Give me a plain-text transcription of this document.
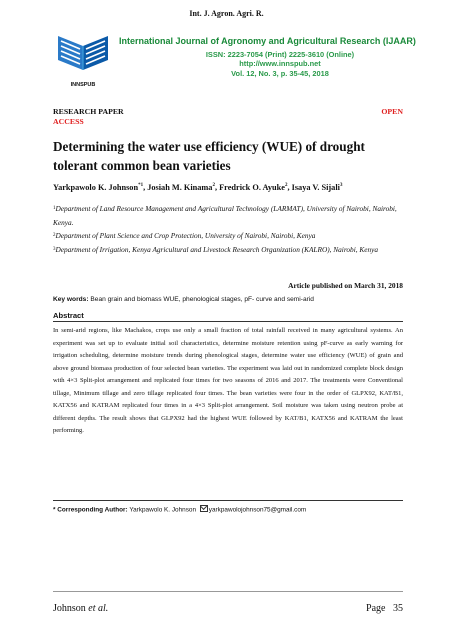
Int. J. Agron. Agri. R.
INNSPUB
International Journal of Agronomy and Agricultural Research (IJAAR)
ISSN: 2223-7054 (Print) 2225-3610 (Online)
http://www.innspub.net
Vol. 12, No. 3, p. 35-45, 2018
RESEARCH PAPER	OPEN
ACCESS
Determining the water use efficiency (WUE) of drought tolerant common bean varieties
Yarkpawolo K. Johnson$^{*1}$, Josiah M. Kinama$^2$, Fredrick O. Ayuke$^2$, Isaya V. Sijali$^3$
$^1$Department of Land Resource Management and Agricultural Technology (LARMAT), University of Nairobi, Nairobi, Kenya.
$^2$Department of Plant Science and Crop Protection, University of Nairobi, Nairobi, Kenya
$^3$Department of Irrigation, Kenya Agricultural and Livestock Research Organization (KALRO), Nairobi, Kenya
Article published on March 31, 2018
Key words: Bean grain and biomass WUE, phenological stages, pF- curve and semi-arid
Abstract
In semi-arid regions, like Machakos, crops use only a small fraction of total rainfall received in many agricultural systems. An experiment was set up to evaluate initial soil characteristics, determine moisture retention using pF-curve as early warning for irrigation scheduling, determine moisture trends during phenological stages, determine water use efficiency (WUE) of grain and above ground biomass production of four selected bean varieties. The experiment was laid out in randomized complete block design with 4×3 Split-plot arrangement and replicated four times for two seasons of 2016 and 2017. The treatments were Conventional tillage, Minimum tillage and zero tillage replicated four times. The bean varieties were four in the order of GLPX92, KAT/B1, KATX56 and KATRAM replicated four times in a 4×3 Split-plot arrangement. Soil moisture was taken using neutron probe at different depths. The result shows that GLPX92 had the highest WUE followed by KAT/B1, KATX56 and KATRAM the least performing.
* Corresponding Author: Yarkpawolo K. Johnson yarkpawolojohnson75@gmail.com
Johnson et al.	Page   35
